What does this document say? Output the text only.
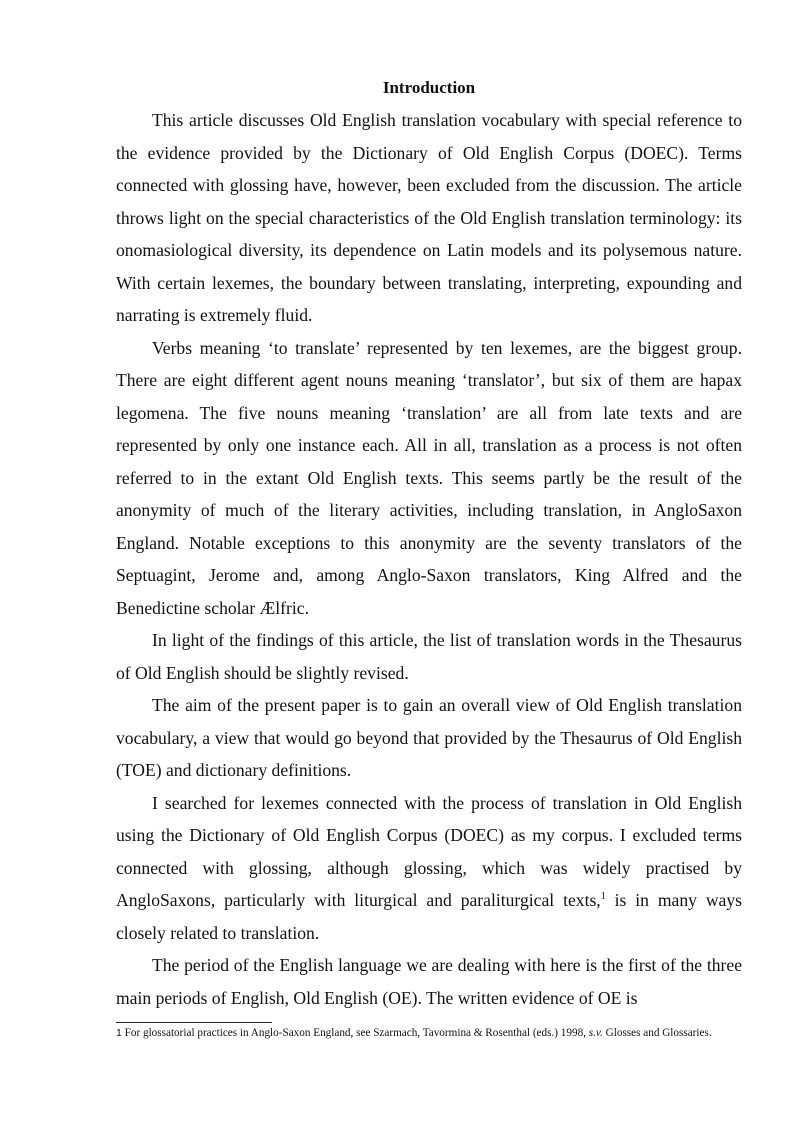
Introduction

This article discusses Old English translation vocabulary with special reference to the evidence provided by the Dictionary of Old English Corpus (DOEC). Terms connected with glossing have, however, been excluded from the discussion. The article throws light on the special characteristics of the Old English translation terminology: its onomasiological diversity, its dependence on Latin models and its polysemous nature. With certain lexemes, the boundary between translating, interpreting, expounding and narrating is extremely fluid.

Verbs meaning ‘to translate’ represented by ten lexemes, are the biggest group. There are eight different agent nouns meaning ‘translator’, but six of them are hapax legomena. The five nouns meaning ‘translation’ are all from late texts and are represented by only one instance each. All in all, translation as a process is not often referred to in the extant Old English texts. This seems partly be the result of the anonymity of much of the literary activities, including translation, in AngloSaxon England. Notable exceptions to this anonymity are the seventy translators of the Septuagint, Jerome and, among Anglo-Saxon translators, King Alfred and the Benedictine scholar Ælfric.

In light of the findings of this article, the list of translation words in the Thesaurus of Old English should be slightly revised.

The aim of the present paper is to gain an overall view of Old English translation vocabulary, a view that would go beyond that provided by the Thesaurus of Old English (TOE) and dictionary definitions.

I searched for lexemes connected with the process of translation in Old English using the Dictionary of Old English Corpus (DOEC) as my corpus. I excluded terms connected with glossing, although glossing, which was widely practised by AngloSaxons, particularly with liturgical and paraliturgical texts,$^1$ is in many ways closely related to translation.

The period of the English language we are dealing with here is the first of the three main periods of English, Old English (OE). The written evidence of OE is

1 For glossatorial practices in Anglo-Saxon England, see Szarmach, Tavormina & Rosenthal (eds.) 1998, s.v. Glosses and Glossaries.
